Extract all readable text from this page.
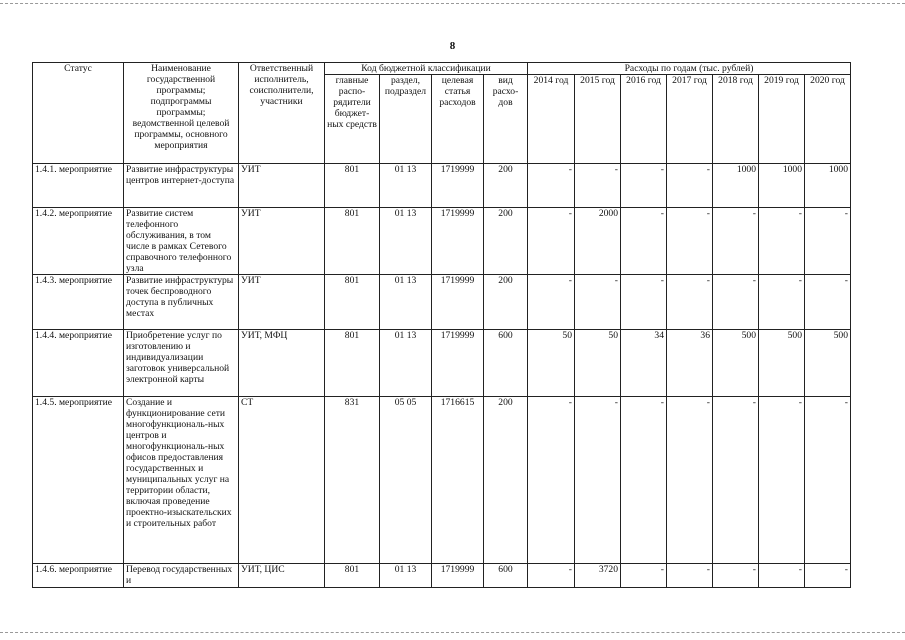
8
Статус	Наименование государственной программы; подпрограммы программы; ведомственной целевой программы, основного мероприятия	Ответственный исполнитель, соисполнители, участники	Код бюджетной классификации				Расходы по годам (тыс. рублей)						
			главные распо-рядители бюджет-ных средств	раздел, подраздел	целевая статья расходов	вид расхо-дов	2014 год	2015 год	2016 год	2017 год	2018 год	2019 год	2020 год
1.4.1. мероприятие	Развитие инфраструктуры центров интернет-доступа	УИТ	801	01 13	1719999	200	-	-	-	-	1000	1000	1000
1.4.2. мероприятие	Развитие систем телефонного обслуживания, в том числе в рамках Сетевого справочного телефонного узла	УИТ	801	01 13	1719999	200	-	2000	-	-	-	-	-
1.4.3. мероприятие	Развитие инфраструктуры точек беспроводного доступа в публичных местах	УИТ	801	01 13	1719999	200	-	-	-	-	-	-	-
1.4.4. мероприятие	Приобретение услуг по изготовлению и индивидуализации заготовок универсальной электронной карты	УИТ, МФЦ	801	01 13	1719999	600	50	50	34	36	500	500	500
1.4.5. мероприятие	Создание и функционирование сети многофункциональ-ных центров и многофункциональ-ных офисов предоставления государственных и муниципальных услуг на территории области, включая проведение проектно-изыскательских и строительных работ	СТ	831	05 05	1716615	200	-	-	-	-	-	-	-
1.4.6. мероприятие	Перевод государственных и	УИТ, ЦИС	801	01 13	1719999	600	-	3720	-	-	-	-	-
